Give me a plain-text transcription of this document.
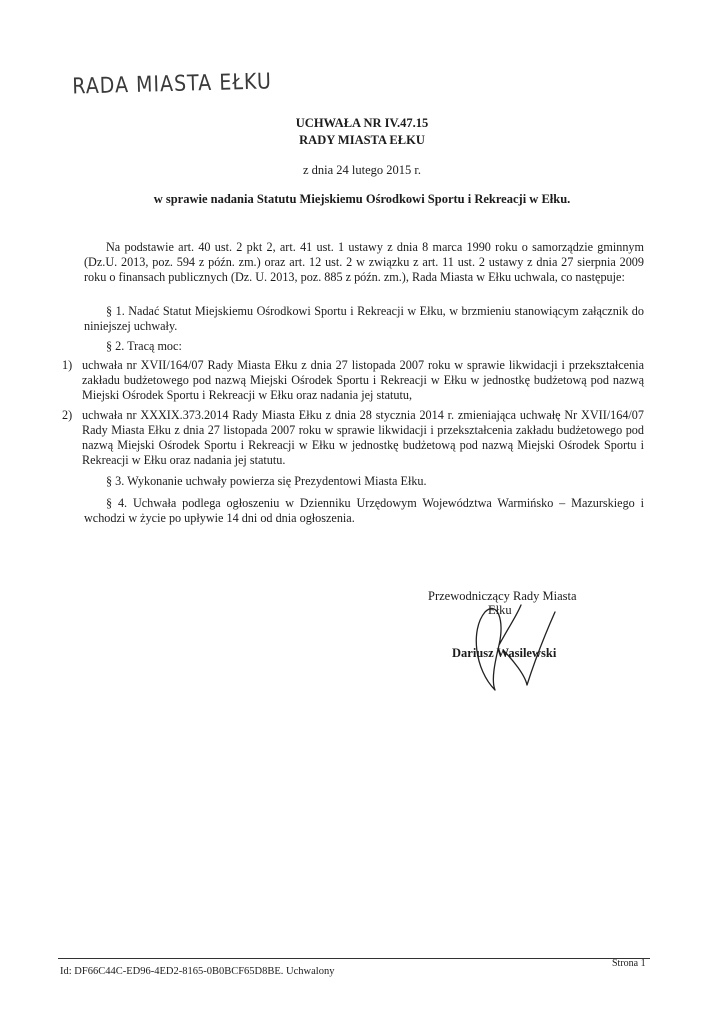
RADA MIASTA EŁKU
UCHWAŁA NR IV.47.15
RADY MIASTA EŁKU
z dnia 24 lutego 2015 r.
w sprawie nadania Statutu Miejskiemu Ośrodkowi Sportu i Rekreacji w Ełku.

Na podstawie art. 40 ust. 2 pkt 2, art. 41 ust. 1 ustawy z dnia 8 marca 1990 roku o samorządzie gminnym (Dz.U. 2013, poz. 594 z późn. zm.) oraz art. 12 ust. 2 w związku z art. 11 ust. 2 ustawy z dnia 27 sierpnia 2009 roku o finansach publicznych (Dz. U. 2013, poz. 885 z późn. zm.), Rada Miasta w Ełku uchwala, co następuje:

§ 1. Nadać Statut Miejskiemu Ośrodkowi Sportu i Rekreacji w Ełku, w brzmieniu stanowiącym załącznik do niniejszej uchwały.

§ 2. Tracą moc:

1) uchwała nr XVII/164/07 Rady Miasta Ełku z dnia 27 listopada 2007 roku w sprawie likwidacji i przekształcenia zakładu budżetowego pod nazwą Miejski Ośrodek Sportu i Rekreacji w Ełku w jednostkę budżetową pod nazwą Miejski Ośrodek Sportu i Rekreacji w Ełku oraz nadania jej statutu,

2) uchwała nr XXXIX.373.2014 Rady Miasta Ełku z dnia 28 stycznia 2014 r. zmieniająca uchwałę Nr XVII/164/07 Rady Miasta Ełku z dnia 27 listopada 2007 roku w sprawie likwidacji i przekształcenia zakładu budżetowego pod nazwą Miejski Ośrodek Sportu i Rekreacji w Ełku w jednostkę budżetową pod nazwą Miejski Ośrodek Sportu i Rekreacji w Ełku oraz nadania jej statutu.

§ 3. Wykonanie uchwały powierza się Prezydentowi Miasta Ełku.

§ 4. Uchwała podlega ogłoszeniu w Dzienniku Urzędowym Województwa Warmińsko – Mazurskiego i wchodzi w życie po upływie 14 dni od dnia ogłoszenia.

Przewodniczący Rady Miasta
Ełku
Dariusz Wasilewski
Id: DF66C44C-ED96-4ED2-8165-0B0BCF65D8BE. Uchwalony
Strona 1
